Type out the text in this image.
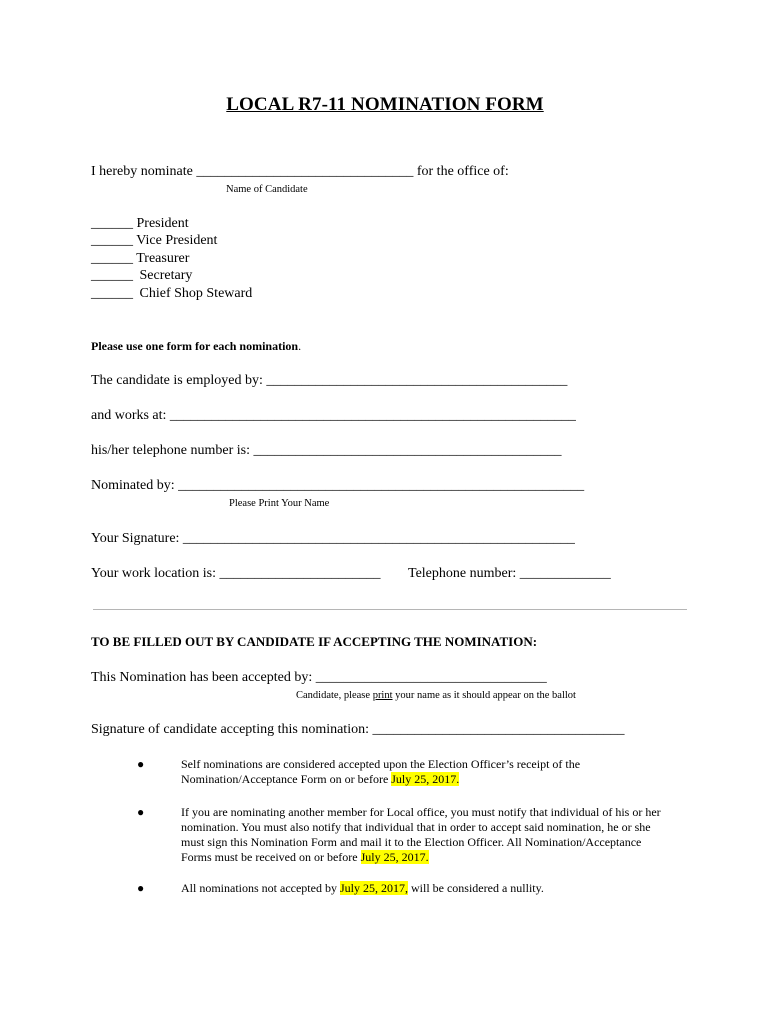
LOCAL R7-11 NOMINATION FORM
I hereby nominate _______________________________ for the office of:
Name of Candidate
______ President
______ Vice President
______ Treasurer
______ Secretary
______ Chief Shop Steward
Please use one form for each nomination.
The candidate is employed by: ___________________________________________
and works at: __________________________________________________________
his/her telephone number is: ____________________________________________
Nominated by: __________________________________________________________
Please Print Your Name
Your Signature: ________________________________________________________
Your work location is: _______________________ Telephone number: _____________
TO BE FILLED OUT BY CANDIDATE IF ACCEPTING THE NOMINATION:
This Nomination has been accepted by: _________________________________
Candidate, please print your name as it should appear on the ballot
Signature of candidate accepting this nomination: ____________________________________
●	Self nominations are considered accepted upon the Election Officer’s receipt of the
Nomination/Acceptance Form on or before July 25, 2017.
●	If you are nominating another member for Local office, you must notify that individual of his or her
nomination. You must also notify that individual that in order to accept said nomination, he or she
must sign this Nomination Form and mail it to the Election Officer. All Nomination/Acceptance
Forms must be received on or before July 25, 2017.
●	All nominations not accepted by July 25, 2017, will be considered a nullity.
